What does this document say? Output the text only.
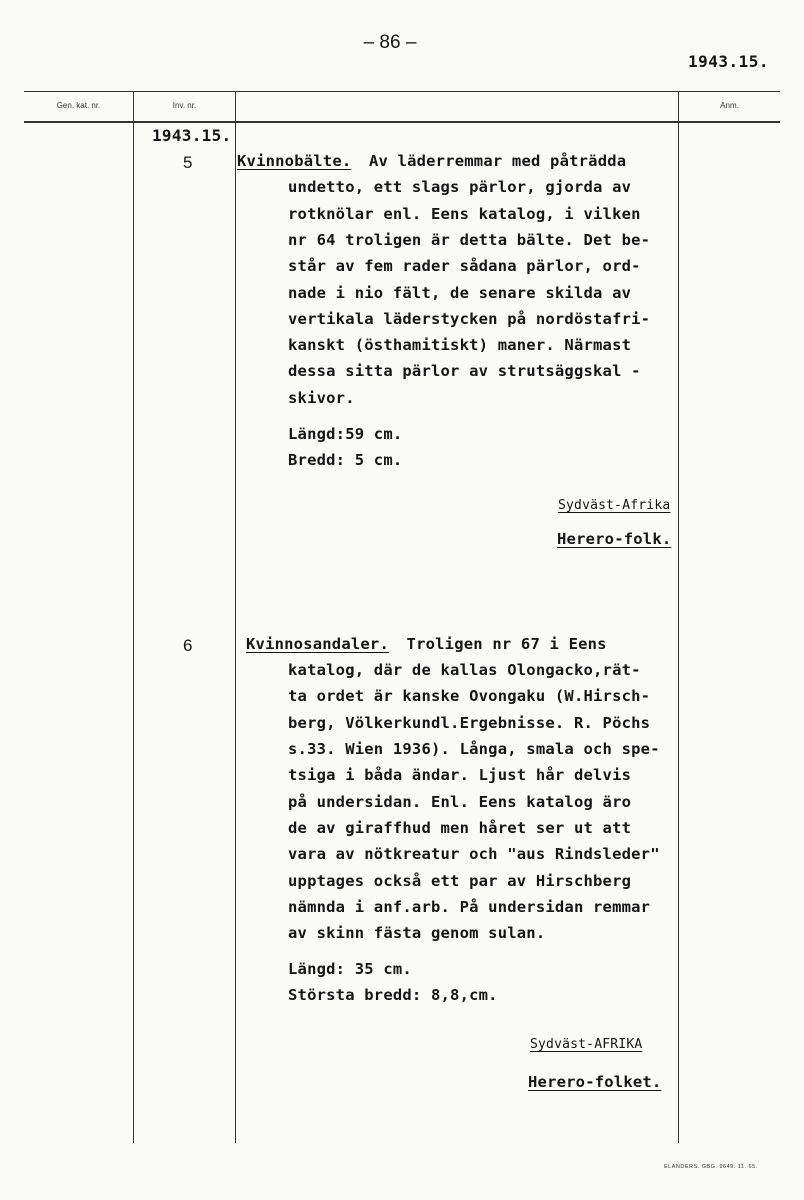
– 86 –
1943.15.
Gen. kat. nr.	Inv. nr.	Anm.
1943.15.
5	Kvinnobälte. Av läderremmar med påträdda
undetto, ett slags pärlor, gjorda av
rotknölar enl. Eens katalog, i vilken
nr 64 troligen är detta bälte. Det be-
står av fem rader sådana pärlor, ord-
nade i nio fält, de senare skilda av
vertikala läderstycken på nordöstafri-
kanskt (östhamitiskt) maner. Närmast
dessa sitta pärlor av strutsäggskal -
skivor.
Längd:59 cm.
Bredd: 5 cm.
Sydväst-Afrika
Herero-folk.
6	Kvinnosandaler. Troligen nr 67 i Eens
katalog, där de kallas Olongacko,rät-
ta ordet är kanske Ovongaku (W.Hirsch-
berg, Völkerkundl.Ergebnisse. R. Pöchs
s.33. Wien 1936). Långa, smala och spe-
tsiga i båda ändar. Ljust hår delvis
på undersidan. Enl. Eens katalog äro
de av giraffhud men håret ser ut att
vara av nötkreatur och "aus Rindsleder"
upptages också ett par av Hirschberg
nämnda i anf.arb. På undersidan remmar
av skinn fästa genom sulan.
Längd: 35 cm.
Största bredd: 8,8,cm.
Sydväst-AFRIKA
Herero-folket.
ELANDERS. GBG. 9649. 11. 65.
